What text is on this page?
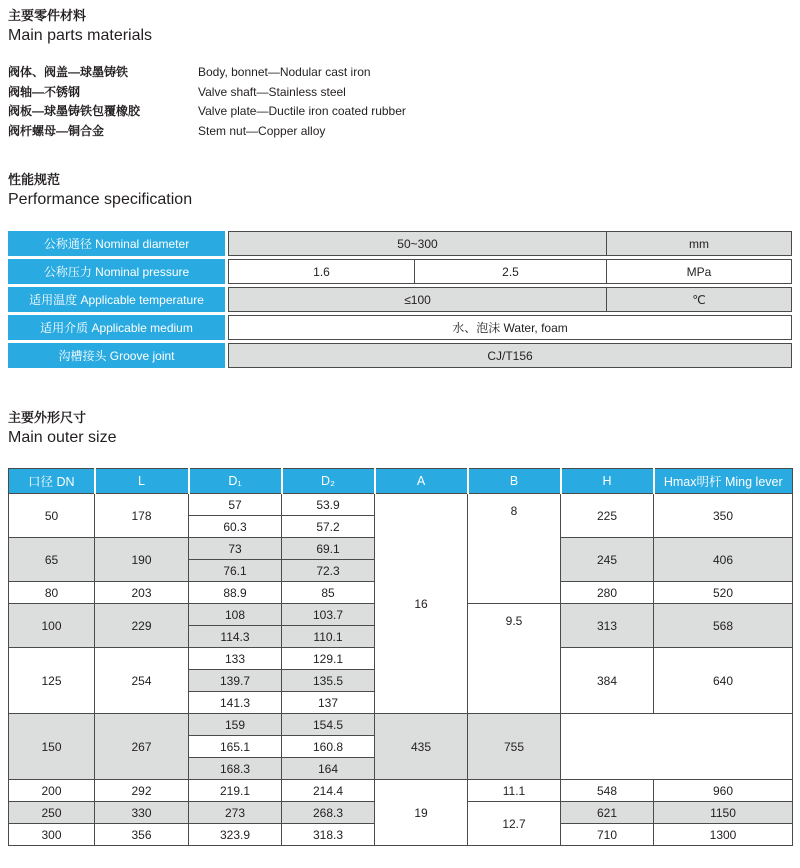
主要零件材料
Main parts materials
阀体、阀盖—球墨铸铁	Body, bonnet—Nodular cast iron
阀轴—不锈钢	Valve shaft—Stainless steel
阀板—球墨铸铁包覆橡胶	Valve plate—Ductile iron coated rubber
阀杆螺母—铜合金	Stem nut—Copper alloy
性能规范
Performance specification
公称通径 Nominal diameter	50~300	mm
公称压力 Nominal pressure	1.6	2.5	MPa
适用温度 Applicable temperature	≤100	℃
适用介质 Applicable medium	水、泡沫 Water, foam
沟槽接头 Groove joint	CJ/T156
主要外形尺寸
Main outer size
口径 DN	L	D₁	D₂	A	B	H	Hmax明杆 Ming lever
50	178	57	53.9	16	8	225	350
		60.3	57.2				
65	190	73	69.1			245	406
		76.1	72.3				
80	203	88.9	85			280	520
100	229	108	103.7		9.5	313	568
		114.3	110.1				
125	254	133	129.1			384	640
		139.7	135.5				
		141.3	137				
150	267	159	154.5	435	755		
		165.1	160.8				
		168.3	164				
200	292	219.1	214.4	19	11.1	548	960
250	330	273	268.3		12.7	621	1150
300	356	323.9	318.3			710	1300
